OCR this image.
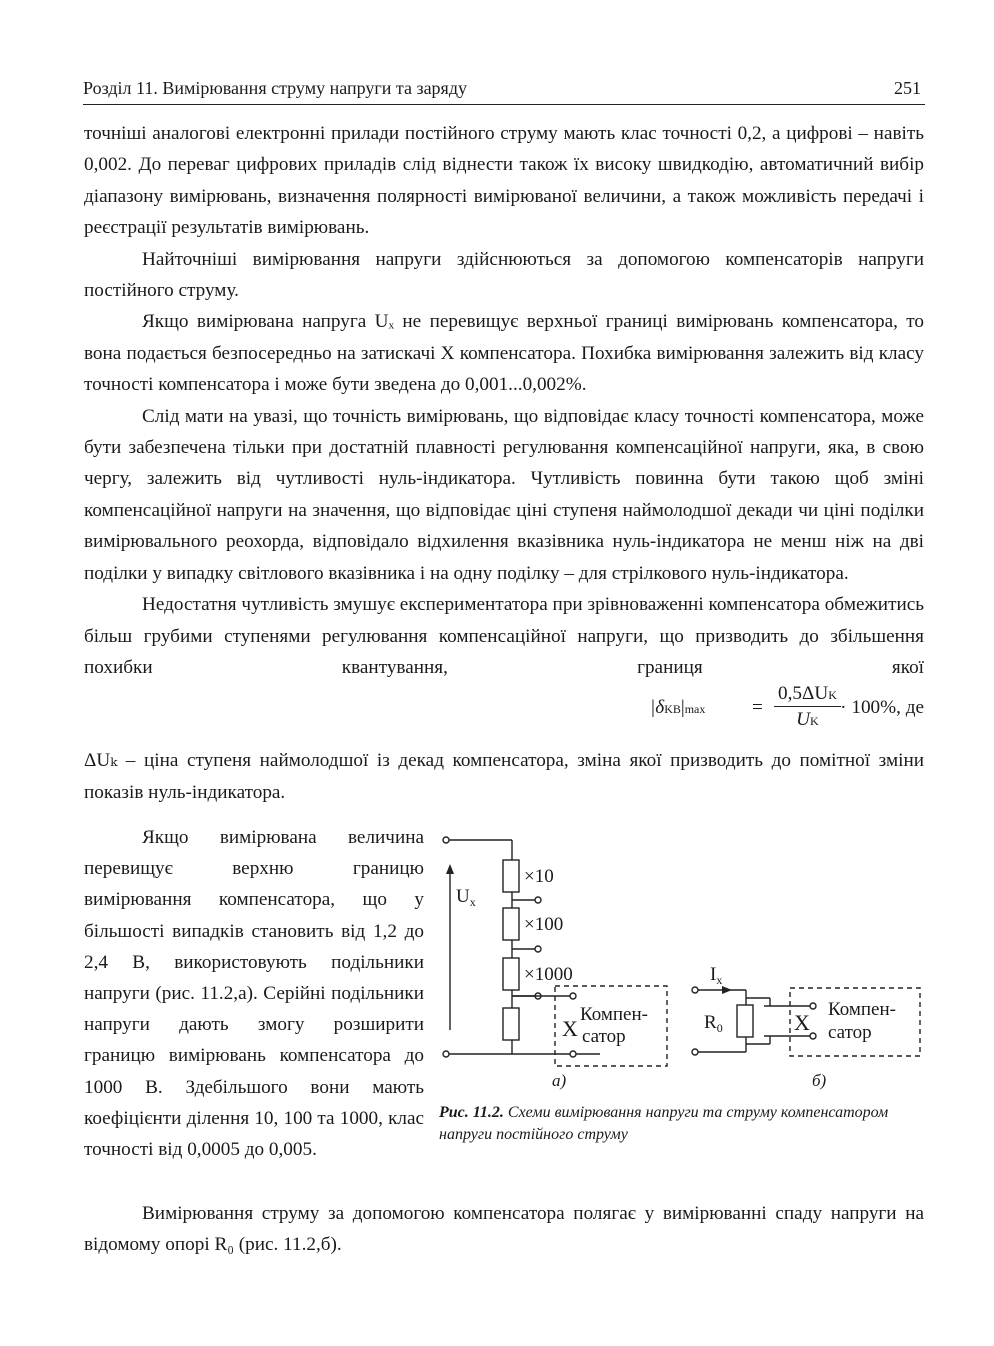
Розділ 11. Вимірювання струму напруги та заряду	251

точніші аналогові електронні прилади постійного струму мають клас точності 0,2, а цифрові – навіть 0,002. До переваг цифрових приладів слід віднести також їх високу швидкодію, автоматичний вибір діапазону вимірювань, визначення полярності вимірюваної величини, а також можливість передачі і реєстрації результатів вимірювань.

Найточніші вимірювання напруги здійснюються за допомогою компенсаторів напруги постійного струму.

Якщо вимірювана напруга Uₓ не перевищує верхньої границі вимірювань компенсатора, то вона подається безпосередньо на затискачі X компенсатора. Похибка вимірювання залежить від класу точності компенсатора і може бути зведена до 0,001...0,002%.

Слід мати на увазі, що точність вимірювань, що відповідає класу точності компенсатора, може бути забезпечена тільки при достатній плавності регулювання компенсаційної напруги, яка, в свою чергу, залежить від чутливості нуль-індикатора. Чутливість повинна бути такою щоб зміні компенсаційної напруги на значення, що відповідає ціні ступеня наймолодшої декади чи ціні поділки вимірювального реохорда, відповідало відхилення вказівника нуль-індикатора не менш ніж на дві поділки у випадку світлового вказівника і на одну поділку – для стрілкового нуль-індикатора.

Недостатня чутливість змушує експериментатора при зрівноваженні компенсатора обмежитись більш грубими ступенями регулювання компенсаційної напруги, що призводить до збільшення похибки квантування, границя якої

|δKB|max =
0,5ΔUK
UK
· 100%, де

ΔUₖ – ціна ступеня наймолодшої із декад компенсатора, зміна якої призводить до помітної зміни показів нуль-індикатора.

Якщо вимірювана величина перевищує верхню границю вимірювання компенсатора, що у більшості випадків становить від 1,2 до 2,4 В, використовують подільники напруги (рис. 11.2,а). Серійні подільники напруги дають змогу розширити границю вимірювань компенсатора до 1000 В. Здебільшого вони мають коефіцієнти ділення 10, 100 та 1000, клас точності від 0,0005 до 0,005.

$U_x$
×10
×100
×1000
X
Компен-
сатор
а)
$I_x$
$R_0$	X
Компен-
сатор
б)
Рис. 11.2. Схеми вимірювання напруги та струму компенсатором напруги постійного струму

Вимірювання струму за допомогою компенсатора полягає у вимірюванні спаду напруги на відомому опорі R₀ (рис. 11.2,б).
